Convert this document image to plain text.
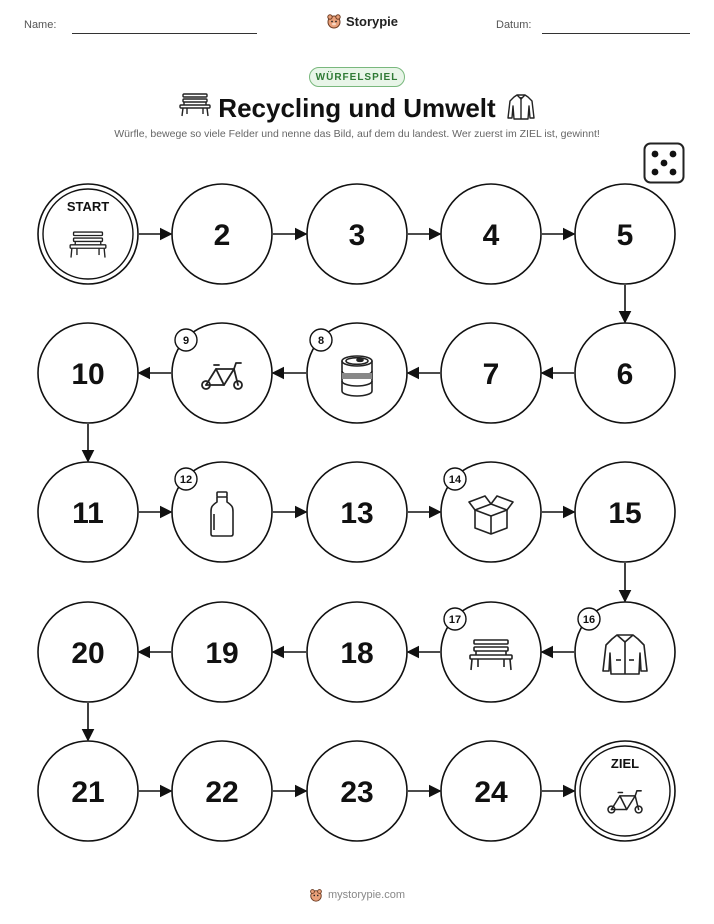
Name:	Storypie	Datum:
WÜRFELSPIEL
Recycling und Umwelt
Würfle, bewege so viele Felder und nenne das Bild, auf dem du landest. Wer zuerst im ZIEL ist, gewinnt!
START
2	3	4	5
6
7
8
9
10
11
12
13
14
15
16
17
18
19
20
21	22	23	24
ZIEL
mystorypie.com
